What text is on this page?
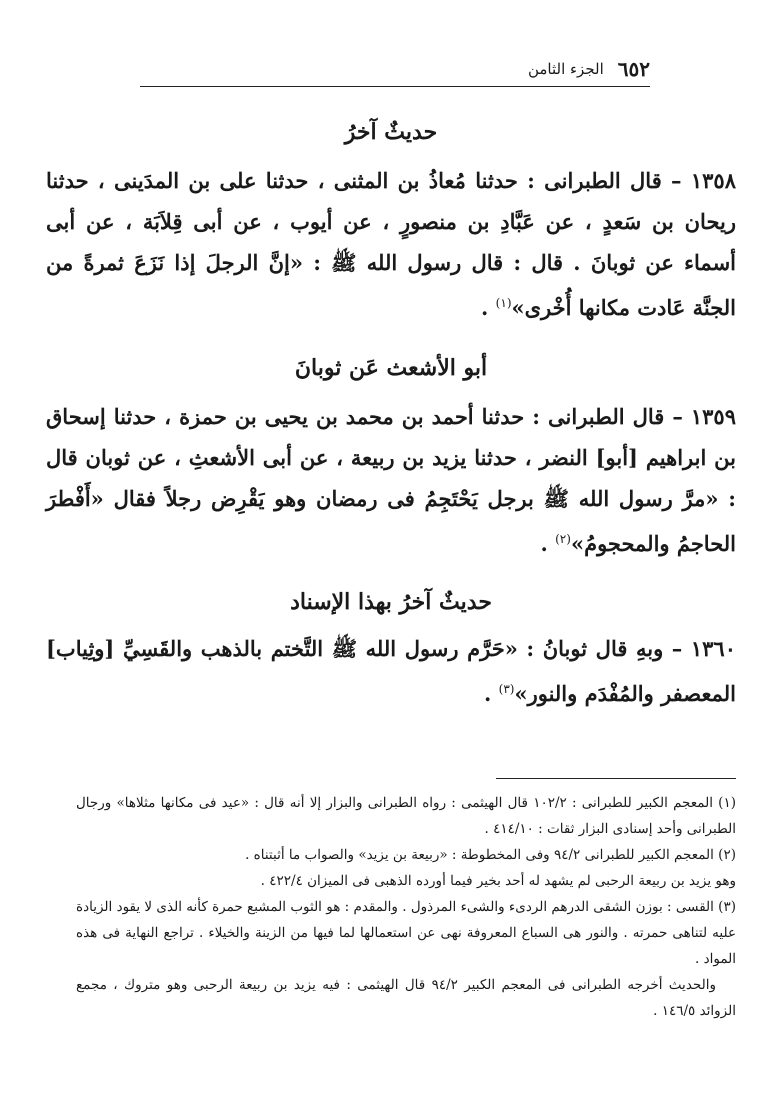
٦٥٢
الجزء الثامن
حديثٌ آخرُ

١٣٥٨ – قال الطبرانى : حدثنا مُعاذُ بن المثنى ، حدثنا على بن المدَينى ، حدثنا ريحان بن سَعدٍ ، عن عَبَّادِ بن منصورٍ ، عن أيوب ، عن أبى قِلاَبَة ، عن أبى أسماء عن ثوبانَ . قال : قال رسول الله ﷺ : «إنَّ الرجلَ إذا نَزَعَ ثمرةً من الجنَّة عَادت مكانها أُخْرى»$^{(١)}$ .

أبو الأشعث عَن ثوبانَ

١٣٥٩ – قال الطبرانى : حدثنا أحمد بن محمد بن يحيى بن حمزة ، حدثنا إسحاق بن ابراهيم [أبو] النضر ، حدثنا يزيد بن ربيعة ، عن أبى الأشعثِ ، عن ثوبان قال : «مرَّ رسول الله ﷺ برجل يَحْتَجِمُ فى رمضان وهو يَقْرِض رجلاً فقال «أَفْطرَ الحاجمُ والمحجومُ»$^{(٢)}$ .

حديثٌ آخرُ بهذا الإسناد

١٣٦٠ – وبهِ قال ثوبانُ : «حَرَّم رسول الله ﷺ التَّختم بالذهب والقَسِيِّ [وثِياب] المعصفر والمُفْدَم والنور»$^{(٣)}$ .

(١) المعجم الكبير للطبرانى : ١٠٢/٢ قال الهيثمى : رواه الطبرانى والبزار إلا أنه قال : «عيد فى مكانها مثلاها» ورجال الطبرانى وأحد إسنادى البزار ثقات : ٤١٤/١٠ .

(٢) المعجم الكبير للطبرانى ٩٤/٢ وفى المخطوطة : «ربيعة بن يزيد» والصواب ما أثبتناه .

وهو يزيد بن ربيعة الرحبى لم يشهد له أحد بخير فيما أورده الذهبى فى الميزان ٤٢٢/٤ .

(٣) القسى : بوزن الشقى الدرهم الردىء والشىء المرذول . والمقدم : هو الثوب المشبع حمرة كأنه الذى لا يقود الزيادة عليه لتناهى حمرته . والنور هى السباع المعروفة نهى عن استعمالها لما فيها من الزينة والخيلاء . تراجع النهاية فى هذه المواد .

والحديث أخرجه الطبرانى فى المعجم الكبير ٩٤/٢ قال الهيثمى : فيه يزيد بن ربيعة الرحبى وهو متروك ، مجمع الزوائد ١٤٦/٥ .
